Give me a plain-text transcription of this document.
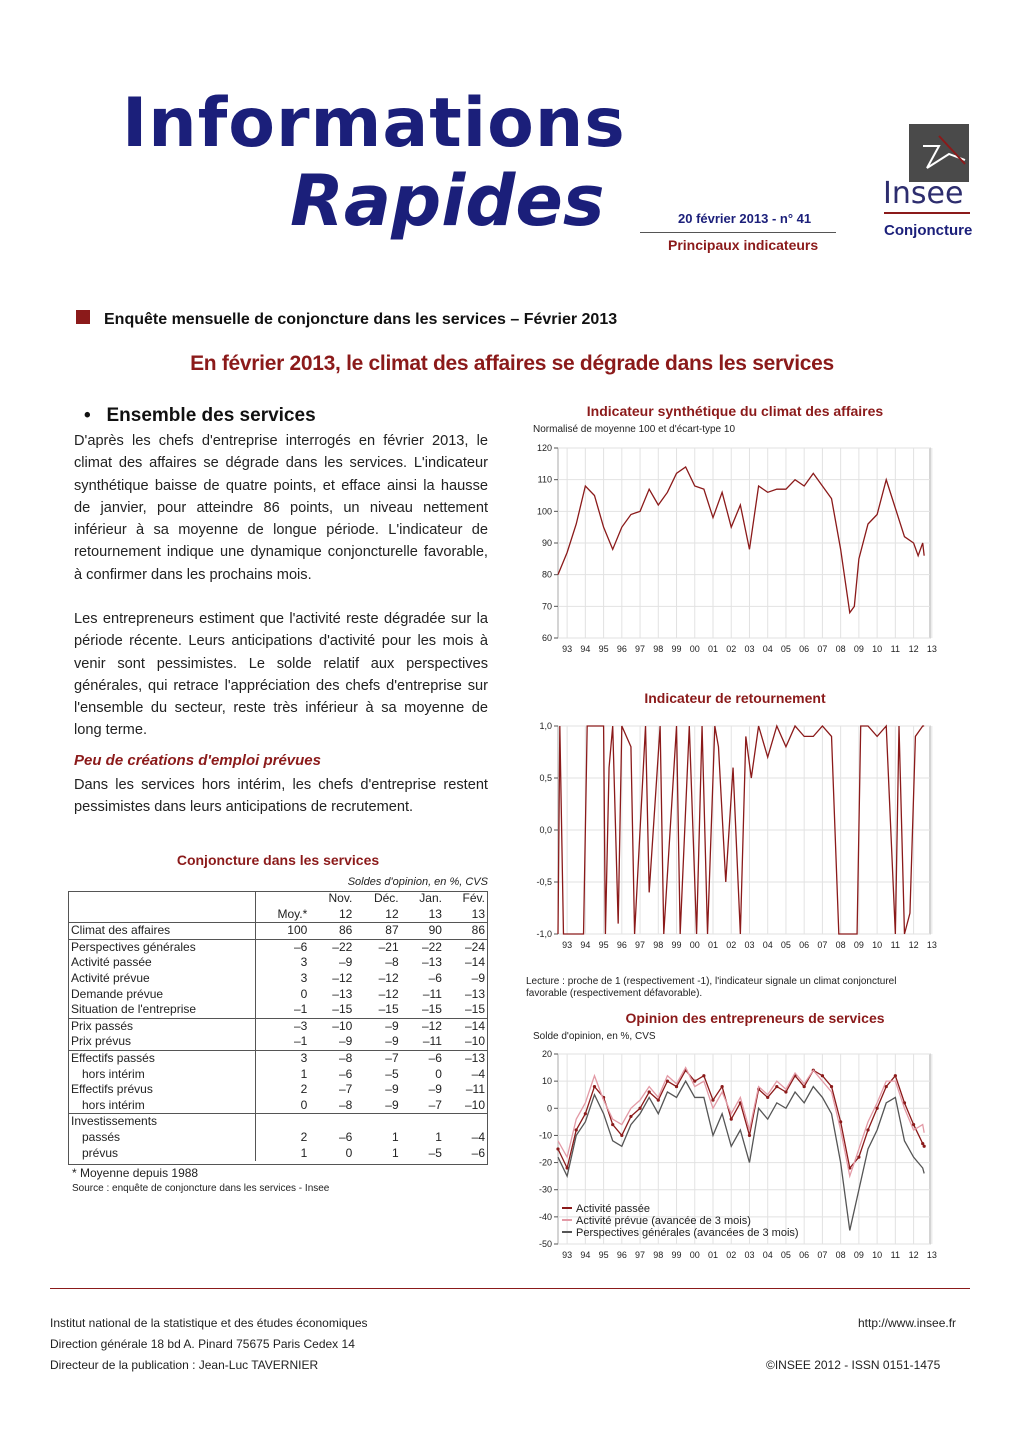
Informations
Rapides	20 février 2013 - n° 41
Principaux indicateurs
Insee
Conjoncture
Enquête mensuelle de conjoncture dans les services – Février 2013
En février 2013, le climat des affaires se dégrade dans les services
•   Ensemble des services

D'après les chefs d'entreprise interrogés en février 2013, le climat des affaires se dégrade dans les services. L'indicateur synthétique baisse de quatre points, et efface ainsi la hausse de janvier, pour atteindre 86 points, un niveau nettement inférieur à sa moyenne de longue période. L'indicateur de retournement indique une dynamique conjoncturelle favorable, à confirmer dans les prochains mois.

Les entrepreneurs estiment que l'activité reste dégradée sur la période récente. Leurs anticipations d'activité pour les mois à venir sont pessimistes. Le solde relatif aux perspectives générales, qui retrace l'appréciation des chefs d'entreprise sur l'ensemble du secteur, reste très inférieur à sa moyenne de long terme.

Peu de créations d'emploi prévues

Dans les services hors intérim, les chefs d'entreprise restent pessimistes dans leurs anticipations de recrutement.

Conjoncture dans les services
Soldes d'opinion, en %, CVS
		Nov.	Déc.	Jan.	Fév.
	Moy.*	12	12	13	13
Climat des affaires	100	86	87	90	86
Perspectives générales	–6	–22	–21	–22	–24
Activité passée	3	–9	–8	–13	–14
Activité prévue	3	–12	–12	–6	–9
Demande prévue	0	–13	–12	–11	–13
Situation de l'entreprise	–1	–15	–15	–15	–15
Prix passés	–3	–10	–9	–12	–14
Prix prévus	–1	–9	–9	–11	–10
Effectifs passés	3	–8	–7	–6	–13
hors intérim	1	–6	–5	0	–4
Effectifs prévus	2	–7	–9	–9	–11
hors intérim	0	–8	–9	–7	–10
Investissements					
passés	2	–6	1	1	–4
prévus	1	0	1	–5	–6
* Moyenne depuis 1988
Source : enquête de conjoncture dans les services - Insee
Indicateur synthétique du climat des affaires
Normalisé de moyenne 100 et d'écart-type 10
93 94 95 96 97 98 99 00 01 02 03 04 05 06 07 08 09 10 11 12 13
60
70
80
90
100
110
120
Indicateur de retournement
93 94 95 96 97 98 99 00 01 02 03 04 05 06 07 08 09 10 11 12 13
-1,0
-0,5
0,0
0,5
1,0
Lecture : proche de 1 (respectivement -1), l'indicateur signale un climat conjoncturel favorable (respectivement défavorable).
Opinion des entrepreneurs de services
Solde d'opinion, en %, CVS
93 94 95 96 97 98 99 00 01 02 03 04 05 06 07 08 09 10 11 12 13
-50
-40
-30
-20
-10
0
10
20
Activité passée
Activité prévue (avancée de 3 mois)
Perspectives générales (avancées de 3 mois)
Institut national de la statistique et des études économiques
Direction générale 18 bd A. Pinard 75675 Paris Cedex 14
Directeur de la publication : Jean-Luc TAVERNIER
http://www.insee.fr
©INSEE 2012 - ISSN 0151-1475
